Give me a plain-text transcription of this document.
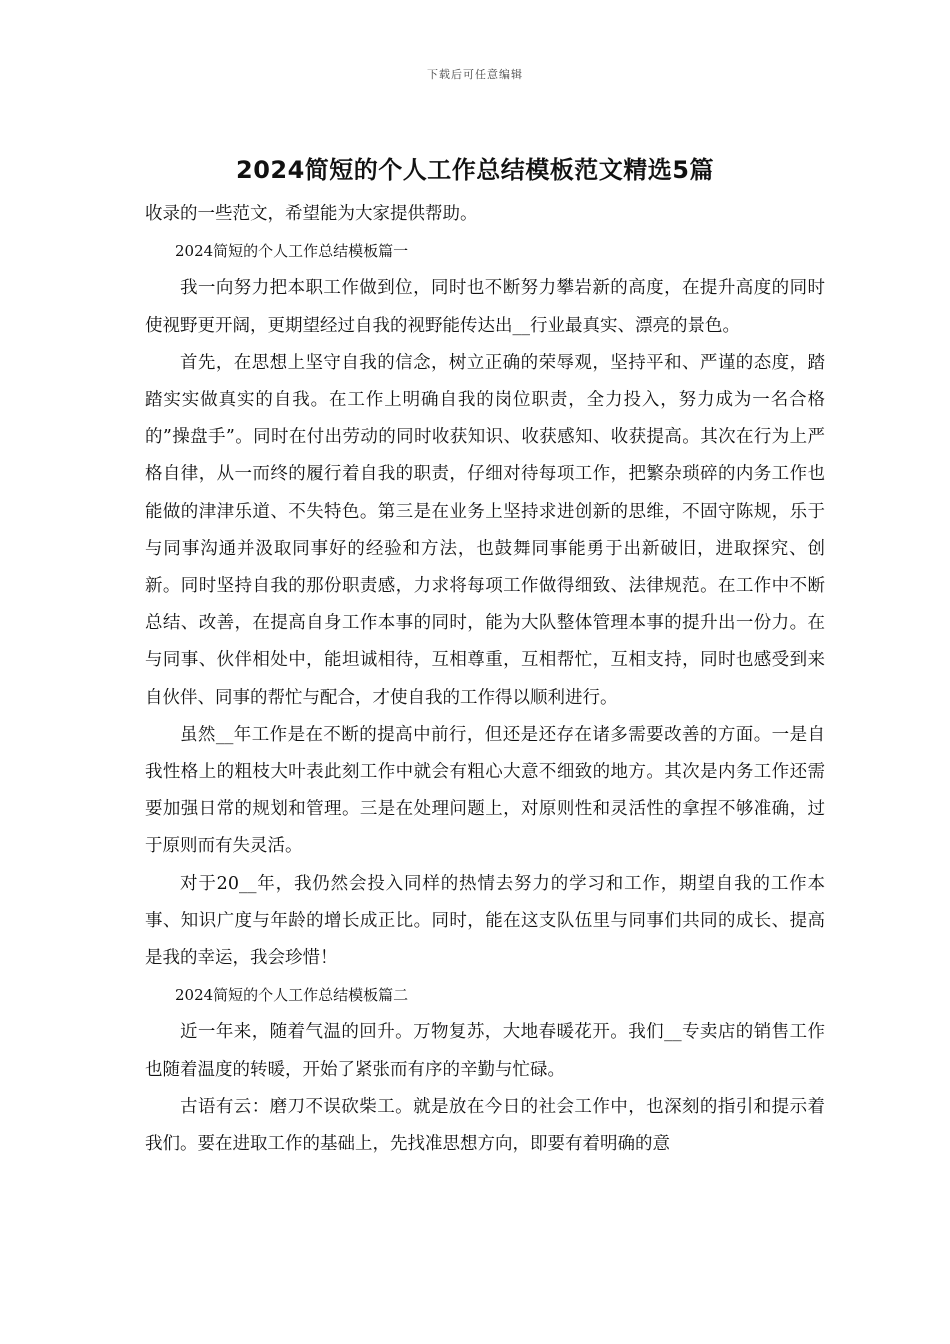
下载后可任意编辑
2024简短的个人工作总结模板范文精选5篇

收录的一些范文，希望能为大家提供帮助。

2024简短的个人工作总结模板篇一

我一向努力把本职工作做到位，同时也不断努力攀岩新的高度，在提升高度的同时使视野更开阔，更期望经过自我的视野能传达出__行业最真实、漂亮的景色。

首先，在思想上坚守自我的信念，树立正确的荣辱观，坚持平和、严谨的态度，踏踏实实做真实的自我。在工作上明确自我的岗位职责，全力投入，努力成为一名合格的”操盘手”。同时在付出劳动的同时收获知识、收获感知、收获提高。其次在行为上严格自律，从一而终的履行着自我的职责，仔细对待每项工作，把繁杂琐碎的内务工作也能做的津津乐道、不失特色。第三是在业务上坚持求进创新的思维，不固守陈规，乐于与同事沟通并汲取同事好的经验和方法，也鼓舞同事能勇于出新破旧，进取探究、创新。同时坚持自我的那份职责感，力求将每项工作做得细致、法律规范。在工作中不断总结、改善，在提高自身工作本事的同时，能为大队整体管理本事的提升出一份力。在与同事、伙伴相处中，能坦诚相待，互相尊重，互相帮忙，互相支持，同时也感受到来自伙伴、同事的帮忙与配合，才使自我的工作得以顺利进行。

虽然__年工作是在不断的提高中前行，但还是还存在诸多需要改善的方面。一是自我性格上的粗枝大叶表此刻工作中就会有粗心大意不细致的地方。其次是内务工作还需要加强日常的规划和管理。三是在处理问题上，对原则性和灵活性的拿捏不够准确，过于原则而有失灵活。

对于20__年，我仍然会投入同样的热情去努力的学习和工作，期望自我的工作本事、知识广度与年龄的增长成正比。同时，能在这支队伍里与同事们共同的成长、提高是我的幸运，我会珍惜！

2024简短的个人工作总结模板篇二

近一年来，随着气温的回升。万物复苏，大地春暖花开。我们__专卖店的销售工作也随着温度的转暖，开始了紧张而有序的辛勤与忙碌。

古语有云：磨刀不误砍柴工。就是放在今日的社会工作中，也深刻的指引和提示着我们。要在进取工作的基础上，先找准思想方向，即要有着明确的意
